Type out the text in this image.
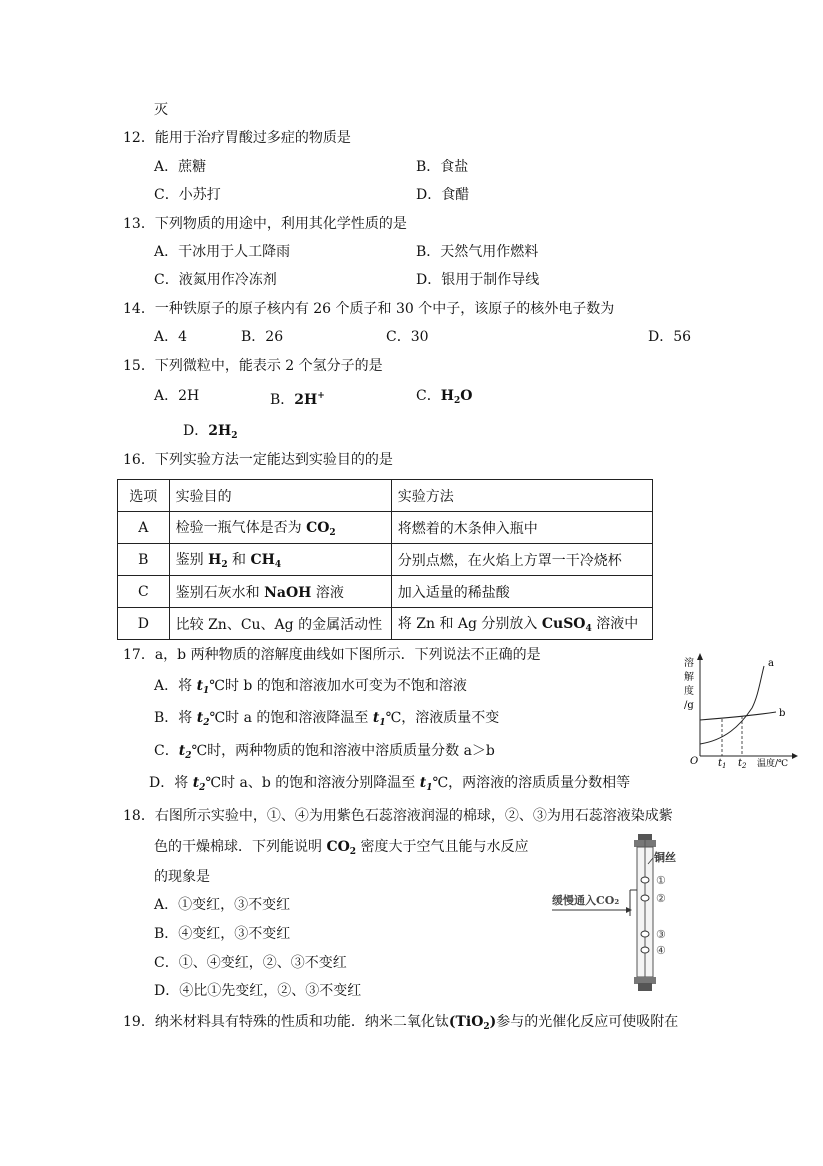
灭
12．能用于治疗胃酸过多症的物质是
A．蔗糖	B．食盐
C．小苏打	D．食醋
13．下列物质的用途中，利用其化学性质的是
A．干冰用于人工降雨	B．天然气用作燃料
C．液氮用作冷冻剂	D．银用于制作导线
14．一种铁原子的原子核内有 26 个质子和 30 个中子，该原子的核外电子数为
A．4	B．26	C．30	D．56
15．下列微粒中，能表示 2 个氢分子的是
A．2H	B．2H+	C．$H_2O$
D．$2H_2$
16．下列实验方法一定能达到实验目的的是
选项	实验目的	实验方法
A	检验一瓶气体是否为 $CO_2$	将燃着的木条伸入瓶中
B	鉴别 $H_2$ 和 $CH_4$	分别点燃，在火焰上方罩一干冷烧杯
C	鉴别石灰水和 NaOH 溶液	加入适量的稀盐酸
D	比较 Zn、Cu、Ag 的金属活动性	将 Zn 和 Ag 分别放入 CuSO$_4$ 溶液中
17．a，b 两种物质的溶解度曲线如下图所示．下列说法不正确的是
A．将 $t_1℃$时 b 的饱和溶液加水可变为不饱和溶液
B．将 $t_2℃$时 a 的饱和溶液降温至 $t_1℃$，溶液质量不变
C．$t_2℃$时，两种物质的饱和溶液中溶质质量分数 a＞b
D．将 $t_2℃$时 a、b 的饱和溶液分别降温至 $t_1℃$，两溶液的溶质质量分数相等
溶
解
度
/g
O
a
b
t 1 t 2 温度/℃
18．右图所示实验中，①、④为用紫色石蕊溶液润湿的棉球，②、③为用石蕊溶液染成紫
色的干燥棉球．下列能说明 $CO_2$ 密度大于空气且能与水反应
的现象是
A．①变红，③不变红
B．④变红，③不变红
C．①、④变红，②、③不变红
D．④比①先变红，②、③不变红
铜丝
①
②
③
④
缓慢通入CO₂
19．纳米材料具有特殊的性质和功能．纳米二氧化钛(TiO$_2$)参与的光催化反应可使吸附在
